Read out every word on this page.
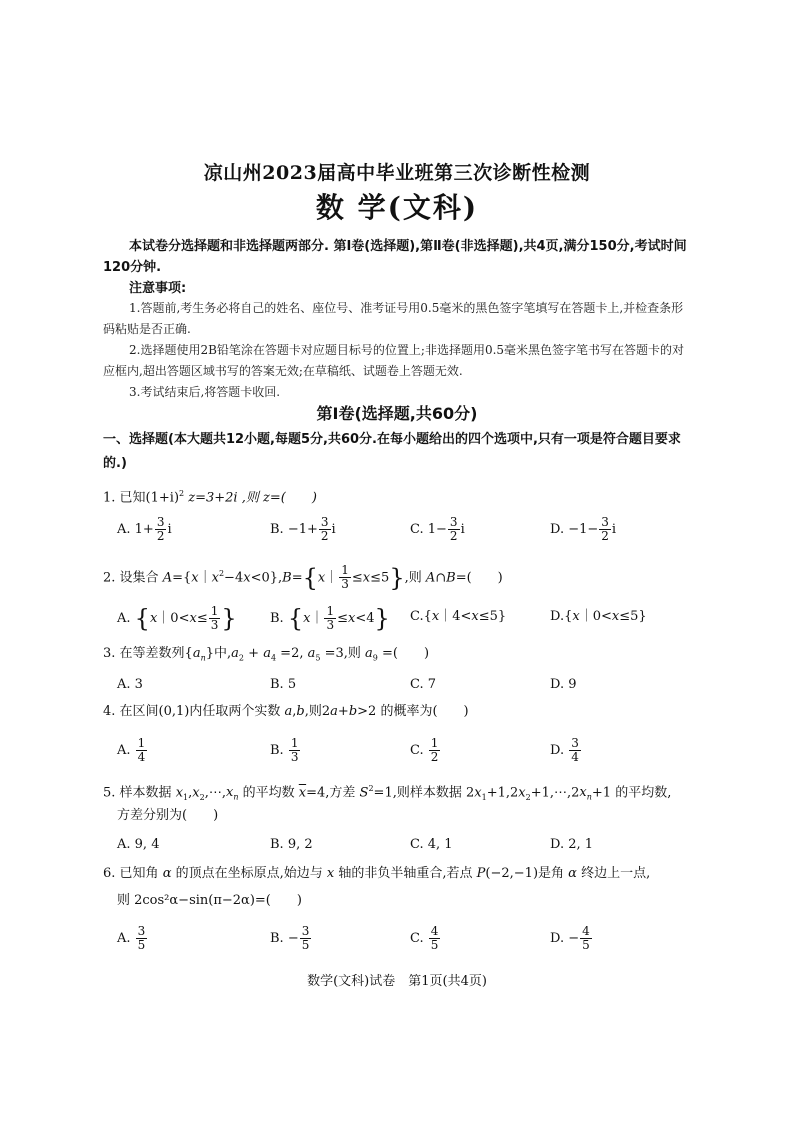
凉山州2023届高中毕业班第三次诊断性检测
数 学(文科)
本试卷分选择题和非选择题两部分. 第Ⅰ卷(选择题),第Ⅱ卷(非选择题),共4页,满分150分,考试时间120分钟.
注意事项:
1.答题前,考生务必将自己的姓名、座位号、准考证号用0.5毫米的黑色签字笔填写在答题卡上,并检查条形码粘贴是否正确.
2.选择题使用2B铅笔涂在答题卡对应题目标号的位置上;非选择题用0.5毫米黑色签字笔书写在答题卡的对应框内,超出答题区域书写的答案无效;在草稿纸、试题卷上答题无效.
3.考试结束后,将答题卡收回.
第Ⅰ卷(选择题,共60分)
一、选择题(本大题共12小题,每题5分,共60分.在每小题给出的四个选项中,只有一项是符合题目要求的.)
1. 已知$(1+i)^2$ z=3+2i ,则 z=(　　)
A. $1+ \frac{3}{2}$ i	B. $-1+ \frac{3}{2}$ i	C. $1- \frac{3}{2}$ i	D. $-1- \frac{3}{2}$ i
2. 设集合 $A=\{x|x^2-4x<0\},B=\{x| \frac{1}{3} \le x\le 5\}$,则 A∩B=(　　)
A. {x｜0<x≤ $\frac{1}{3}$ }	B. {x｜ $\frac{1}{3} \le x<4$} C.{x｜4<x≤5}	D.{x｜0<x≤5}
3. 在等差数列$\{a_n\}$中$,a_2 + a_4 =2$, $a_5 =3$,则 $a_9$ =(　　)
A. 3	B. 5	C. 7	D. 9
4. 在区间(0,1)内任取两个实数 a,b,则2a+b>2 的概率为(　　)
A. $\frac{1}{4}$	B. $\frac{1}{3}$	C. $\frac{1}{2}$	D. $\frac{3}{4}$
5. 样本数据 $x_1,x_2,\cdots,x_n$ 的平均数 $\overline{x}=4$,方差 $S^2=1$,则样本数据 $2x_1+1,2x_2+1,\cdots,2x_n+1$ 的平均数,
方差分别为(　　)
A. 9, 4	B. 9, 2	C. 4, 1	D. 2, 1
6. 已知角 α 的顶点在坐标原点,始边与 x 轴的非负半轴重合,若点 P(−2,−1)是角 α 终边上一点,
则 2cos²α−sin(π−2α)=(　　)
A. $\frac{3}{5}$	B. − $\frac{3}{5}$	C. $\frac{4}{5}$	D. − $\frac{4}{5}$
数学(文科)试卷　第1页(共4页)
